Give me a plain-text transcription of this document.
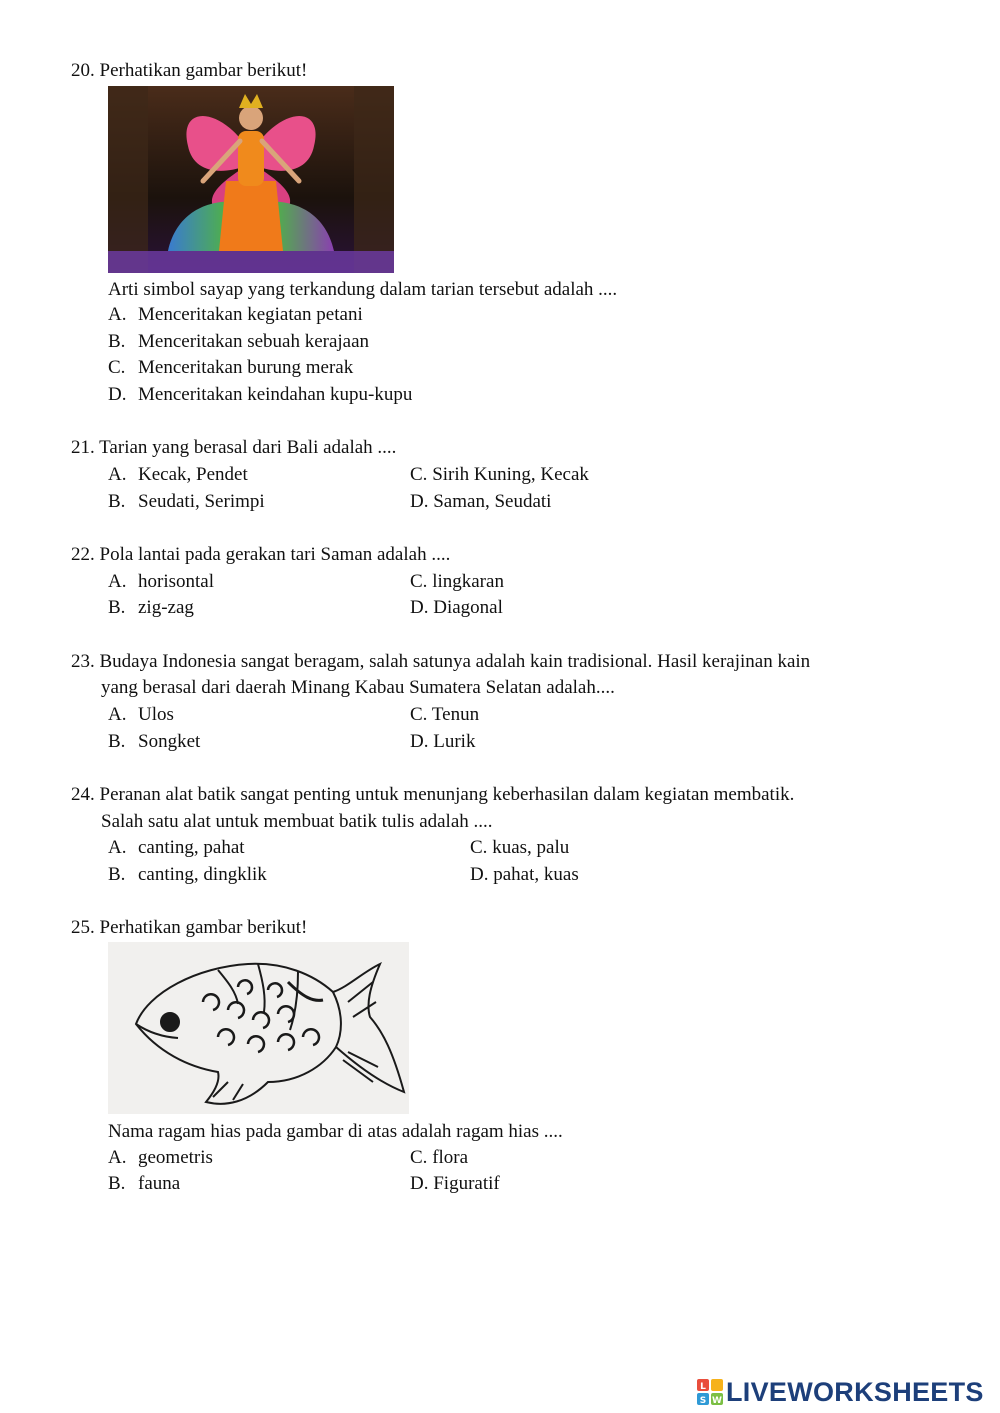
20. Perhatikan gambar berikut!
Arti simbol sayap yang terkandung dalam tarian tersebut adalah ....
A. Menceritakan kegiatan petani
B. Menceritakan sebuah kerajaan
C. Menceritakan burung merak
D. Menceritakan keindahan kupu-kupu
21. Tarian yang berasal dari Bali adalah ....
A. Kecak, Pendet
B. Seudati, Serimpi
C. Sirih Kuning, Kecak
D. Saman, Seudati
22. Pola lantai pada gerakan tari Saman adalah ....
A. horisontal
B. zig-zag
C. lingkaran
D. Diagonal
23. Budaya Indonesia sangat beragam, salah satunya adalah kain tradisional. Hasil kerajinan kain
yang berasal dari daerah Minang Kabau Sumatera Selatan adalah....
A. Ulos
B. Songket
C. Tenun
D. Lurik
24. Peranan alat batik sangat penting untuk menunjang keberhasilan dalam kegiatan membatik.
Salah satu alat untuk membuat batik tulis adalah ....
A. canting, pahat
B. canting, dingklik
C. kuas, palu
D. pahat, kuas
25. Perhatikan gambar berikut!
Nama ragam hias pada gambar di atas adalah ragam hias ....
A. geometris
B. fauna
C. flora
D. Figuratif
L
W
S LIVEWORKSHEETS
